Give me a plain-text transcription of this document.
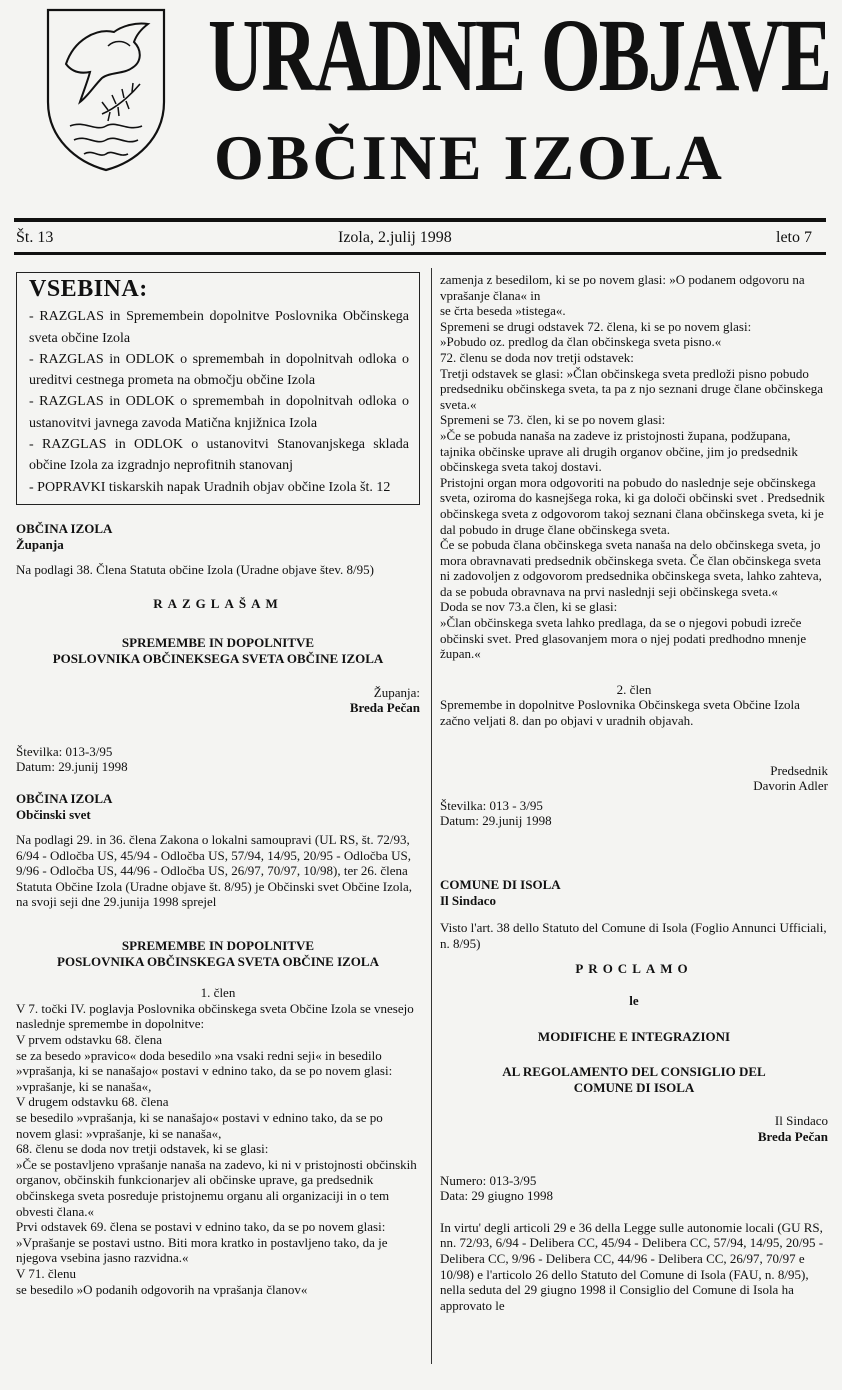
URADNE OBJAVE
OBČINE IZOLA
Št. 13	Izola, 2.julij 1998	leto 7
VSEBINA:

- RAZGLAS in Spremembein dopolnitve Poslovnika Občinskega sveta občine Izola

- RAZGLAS in ODLOK o spremembah in dopolnitvah odloka o ureditvi cestnega prometa na območju občine Izola

- RAZGLAS in ODLOK o spremembah in dopolnitvah odloka o ustanovitvi javnega zavoda Matična knjižnica Izola

- RAZGLAS in ODLOK o ustanovitvi Stanovanjskega sklada občine Izola za izgradnjo neprofitnih stanovanj

- POPRAVKI tiskarskih napak Uradnih objav občine Izola št. 12

OBČINA IZOLA

Županja

Na podlagi 38. Člena Statuta občine Izola (Uradne objave štev. 8/95)

RAZGLAŠAM

SPREMEMBE IN DOPOLNITVE

POSLOVNIKA OBČINEKSEGA SVETA OBČINE IZOLA

Županja:

Breda Pečan

Številka: 013-3/95

Datum: 29.junij 1998

OBČINA IZOLA

Občinski svet

Na podlagi 29. in 36. člena Zakona o lokalni samoupravi (UL RS, št. 72/93, 6/94 - Odločba US, 45/94 - Odločba US, 57/94, 14/95, 20/95 - Odločba US, 9/96 - Odločba US, 44/96 - Odločba US, 26/97, 70/97, 10/98), ter 26. člena Statuta Občine Izola (Uradne objave št. 8/95) je Občinski svet Občine Izola, na svoji seji dne 29.junija 1998 sprejel

SPREMEMBE IN DOPOLNITVE

POSLOVNIKA OBČINSKEGA SVETA OBČINE IZOLA

1. člen

V 7. točki IV. poglavja Poslovnika občinskega sveta Občine Izola se vnesejo naslednje spremembe in dopolnitve:

V prvem odstavku 68. člena

se za besedo »pravico« doda besedilo »na vsaki redni seji« in besedilo »vprašanja, ki se nanašajo« postavi v ednino tako, da se po novem glasi: »vprašanje, ki se nanaša«,

V drugem odstavku 68. člena

se besedilo »vprašanja, ki se nanašajo« postavi v ednino tako, da se po novem glasi: »vprašanje, ki se nanaša«,

68. členu se doda nov tretji odstavek, ki se glasi:

»Če se postavljeno vprašanje nanaša na zadevo, ki ni v pristojnosti občinskih organov, občinskih funkcionarjev ali občinske uprave, ga predsednik občinskega sveta posreduje pristojnemu organu ali organizaciji in o tem obvesti člana.«

Prvi odstavek 69. člena se postavi v ednino tako, da se po novem glasi:

»Vprašanje se postavi ustno. Biti mora kratko in postavljeno tako, da je njegova vsebina jasno razvidna.«

V 71. členu

se besedilo »O podanih odgovorih na vprašanja članov«

zamenja z besedilom, ki se po novem glasi: »O podanem odgovoru na vprašanje člana« in

se črta beseda »tistega«.

Spremeni se drugi odstavek 72. člena, ki se po novem glasi:

»Pobudo oz. predlog da član občinskega sveta pisno.«

72. členu se doda nov tretji odstavek:

Tretji odstavek se glasi: »Član občinskega sveta predloži pisno pobudo predsedniku občinskega sveta, ta pa z njo seznani druge člane občinskega sveta.«

Spremeni se 73. člen, ki se po novem glasi:

»Če se pobuda nanaša na zadeve iz pristojnosti župana, podžupana, tajnika občinske uprave ali drugih organov občine, jim jo predsednik občinskega sveta takoj dostavi.

Pristojni organ mora odgovoriti na pobudo do naslednje seje občinskega sveta, oziroma do kasnejšega roka, ki ga določi občinski svet . Predsednik občinskega sveta z odgovorom takoj seznani člana občinskega sveta, ki je dal pobudo in druge člane občinskega sveta.

Če se pobuda člana občinskega sveta nanaša na delo občinskega sveta, jo mora obravnavati predsednik občinskega sveta. Če član občinskega sveta ni zadovoljen z odgovorom predsednika občinskega sveta, lahko zahteva, da se pobuda obravnava na prvi naslednji seji občinskega sveta.«

Doda se nov 73.a člen, ki se glasi:

»Član občinskega sveta lahko predlaga, da se o njegovi pobudi izreče občinski svet. Pred glasovanjem mora o njej podati predhodno mnenje župan.«

2. člen

Spremembe in dopolnitve Poslovnika Občinskega sveta Občine Izola začno veljati 8. dan po objavi v uradnih objavah.

Predsednik

Davorin Adler

Številka: 013 - 3/95

Datum: 29.junij 1998

COMUNE DI ISOLA

Il Sindaco

Visto l'art. 38 dello Statuto del Comune di Isola (Foglio Annunci Ufficiali, n. 8/95)

PROCLAMO

le

MODIFICHE E INTEGRAZIONI

AL REGOLAMENTO DEL CONSIGLIO DEL

COMUNE DI ISOLA

Il Sindaco

Breda Pečan

Numero: 013-3/95

Data: 29 giugno 1998

In virtu' degli articoli 29 e 36 della Legge sulle autonomie locali (GU RS, nn. 72/93, 6/94 - Delibera CC, 45/94 - Delibera CC, 57/94, 14/95, 20/95 - Delibera CC, 9/96 - Delibera CC, 44/96 - Delibera CC, 26/97, 70/97 e 10/98) e l'articolo 26 dello Statuto del Comune di Isola (FAU, n. 8/95), nella seduta del 29 giugno 1998 il Consiglio del Comune di Isola ha approvato le
